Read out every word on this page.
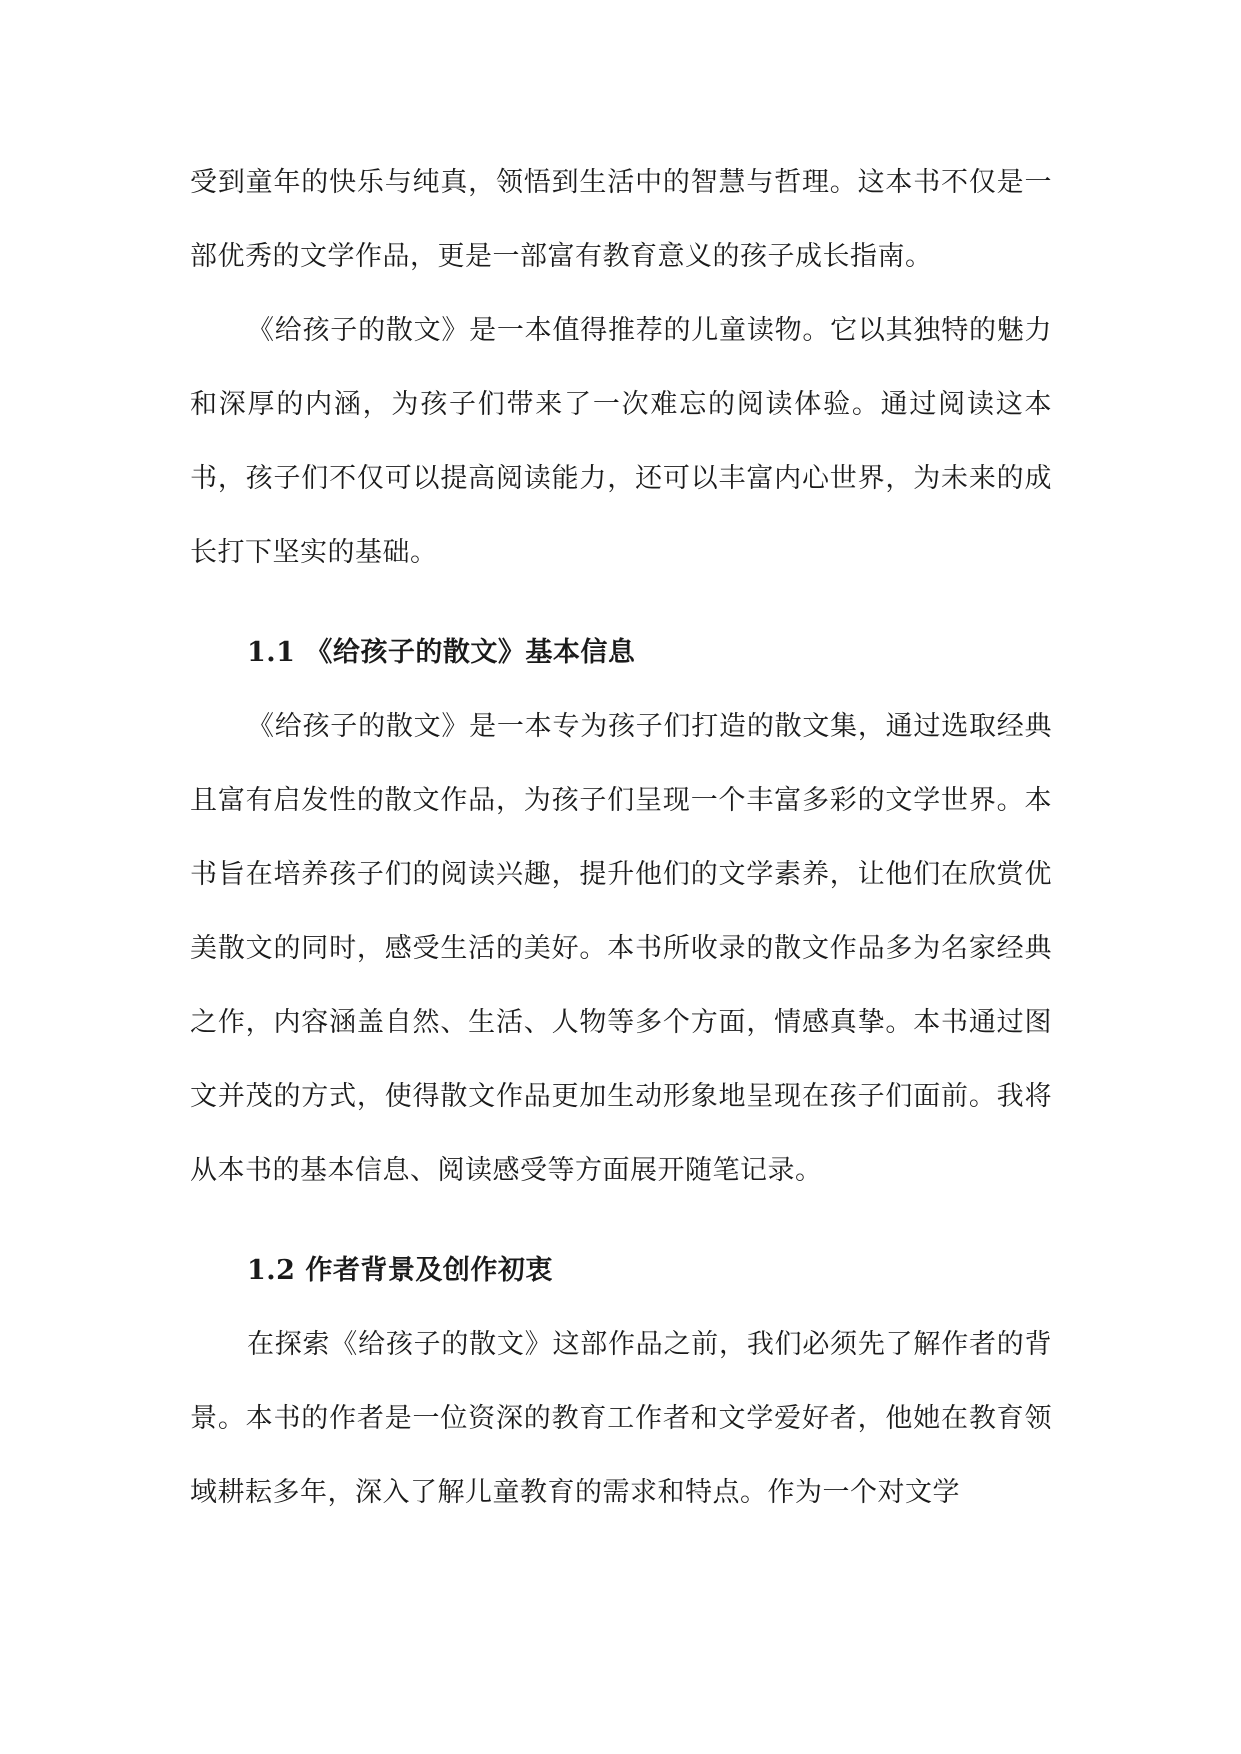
受到童年的快乐与纯真，领悟到生活中的智慧与哲理。这本书不仅是一部优秀的文学作品，更是一部富有教育意义的孩子成长指南。

《给孩子的散文》是一本值得推荐的儿童读物。它以其独特的魅力和深厚的内涵，为孩子们带来了一次难忘的阅读体验。通过阅读这本书，孩子们不仅可以提高阅读能力，还可以丰富内心世界，为未来的成长打下坚实的基础。

1.1 《给孩子的散文》基本信息

《给孩子的散文》是一本专为孩子们打造的散文集，通过选取经典且富有启发性的散文作品，为孩子们呈现一个丰富多彩的文学世界。本书旨在培养孩子们的阅读兴趣，提升他们的文学素养，让他们在欣赏优美散文的同时，感受生活的美好。本书所收录的散文作品多为名家经典之作，内容涵盖自然、生活、人物等多个方面，情感真挚。本书通过图文并茂的方式，使得散文作品更加生动形象地呈现在孩子们面前。我将从本书的基本信息、阅读感受等方面展开随笔记录。

1.2 作者背景及创作初衷

在探索《给孩子的散文》这部作品之前，我们必须先了解作者的背景。本书的作者是一位资深的教育工作者和文学爱好者，他她在教育领域耕耘多年，深入了解儿童教育的需求和特点。作为一个对文学
